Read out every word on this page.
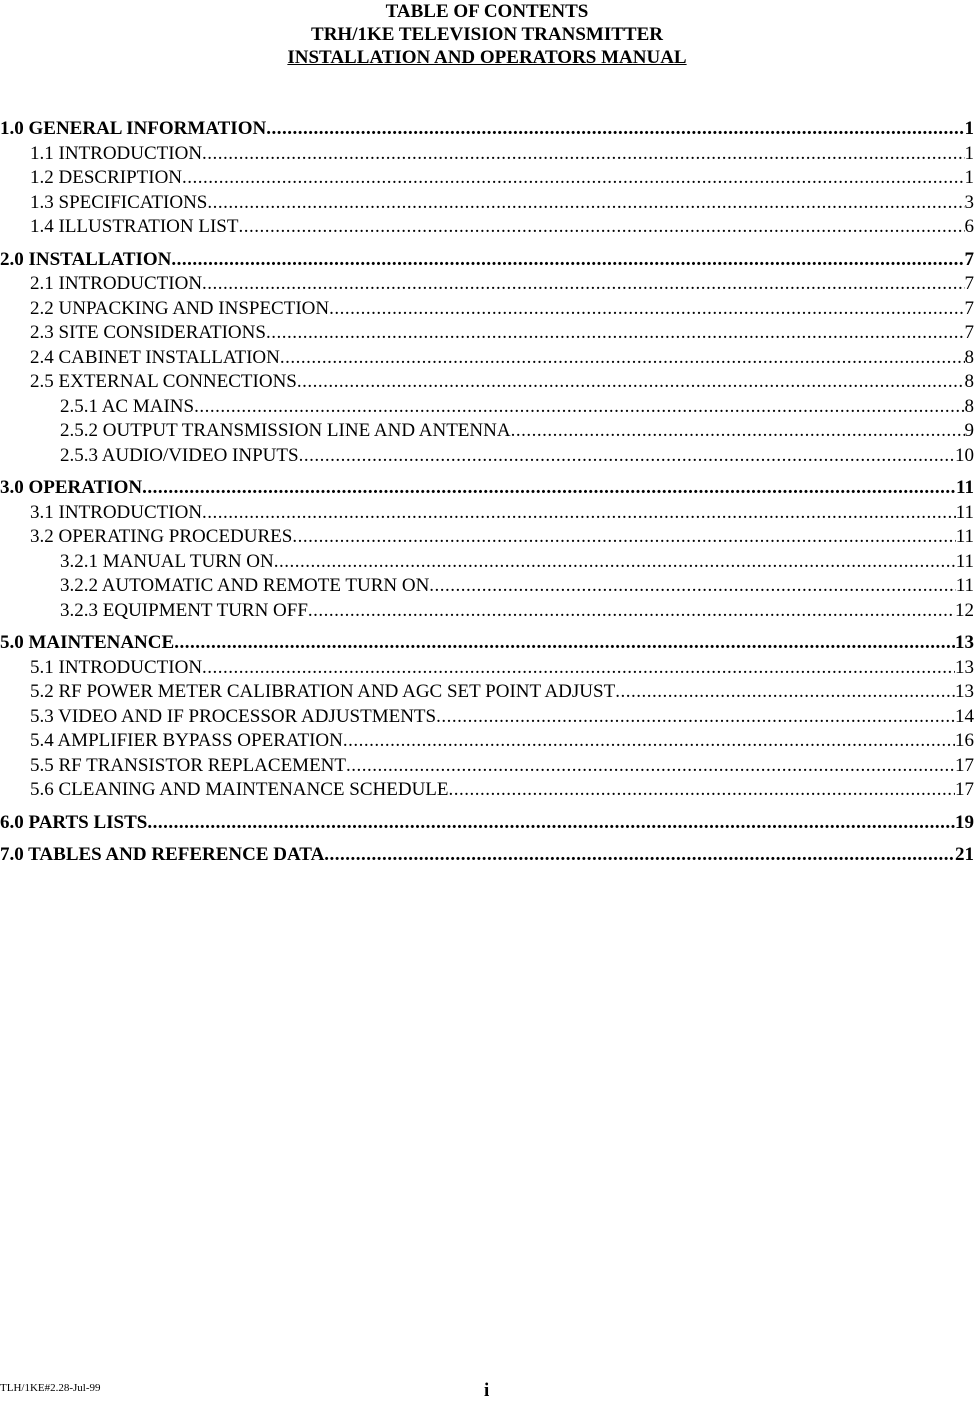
TABLE OF CONTENTS
TRH/1KE TELEVISION TRANSMITTER
INSTALLATION AND OPERATORS MANUAL
1.0 GENERAL INFORMATION .....	1
1.1 INTRODUCTION .....	1
1.2 DESCRIPTION .....	1
1.3 SPECIFICATIONS .....	3
1.4 ILLUSTRATION LIST .....	6
2.0 INSTALLATION .....	7
2.1 INTRODUCTION .....	7
2.2 UNPACKING AND INSPECTION .....	7
2.3 SITE CONSIDERATIONS .....	7
2.4 CABINET INSTALLATION .....	8
2.5 EXTERNAL CONNECTIONS .....	8
2.5.1 AC MAINS .....	8
2.5.2 OUTPUT TRANSMISSION LINE AND ANTENNA .....	9
2.5.3 AUDIO/VIDEO INPUTS .....	10
3.0 OPERATION .....	11
3.1 INTRODUCTION .....	11
3.2 OPERATING PROCEDURES .....	11
3.2.1 MANUAL TURN ON .....	11
3.2.2 AUTOMATIC AND REMOTE TURN ON .....	11
3.2.3 EQUIPMENT TURN OFF .....	12
5.0 MAINTENANCE .....	13
5.1 INTRODUCTION .....	13
5.2 RF POWER METER CALIBRATION AND AGC SET POINT ADJUST .....	13
5.3 VIDEO AND IF PROCESSOR ADJUSTMENTS .....	14
5.4 AMPLIFIER BYPASS OPERATION .....	16
5.5 RF TRANSISTOR REPLACEMENT .....	17
5.6 CLEANING AND MAINTENANCE SCHEDULE .....	17
6.0 PARTS LISTS .....	19
7.0 TABLES AND REFERENCE DATA .....	21
TLH/1KE#2.28-Jul-99	i
